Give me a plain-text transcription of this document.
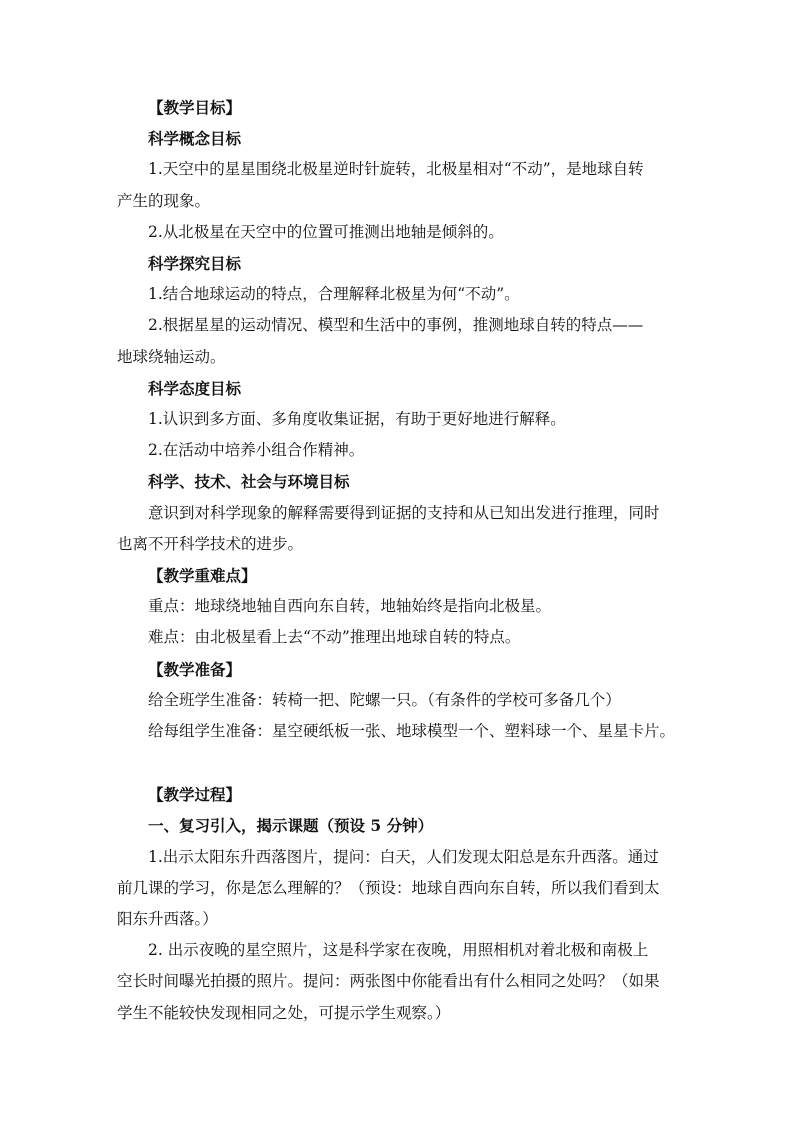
【教学目标】

科学概念目标

1.天空中的星星围绕北极星逆时针旋转，北极星相对“不动”，是地球自转

产生的现象。

2.从北极星在天空中的位置可推测出地轴是倾斜的。

科学探究目标

1.结合地球运动的特点，合理解释北极星为何“不动”。

2.根据星星的运动情况、模型和生活中的事例，推测地球自转的特点——

地球绕轴运动。

科学态度目标

1.认识到多方面、多角度收集证据，有助于更好地进行解释。

2.在活动中培养小组合作精神。

科学、技术、社会与环境目标

意识到对科学现象的解释需要得到证据的支持和从已知出发进行推理，同时

也离不开科学技术的进步。

【教学重难点】

重点：地球绕地轴自西向东自转，地轴始终是指向北极星。

难点：由北极星看上去“不动”推理出地球自转的特点。

【教学准备】

给全班学生准备：转椅一把、陀螺一只。（有条件的学校可多备几个）

给每组学生准备：星空硬纸板一张、地球模型一个、塑料球一个、星星卡片。

【教学过程】

一、复习引入，揭示课题（预设 5 分钟）

1.出示太阳东升西落图片，提问：白天，人们发现太阳总是东升西落。通过

前几课的学习，你是怎么理解的？（预设：地球自西向东自转，所以我们看到太

阳东升西落。）

2. 出示夜晚的星空照片，这是科学家在夜晚，用照相机对着北极和南极上

空长时间曝光拍摄的照片。提问：两张图中你能看出有什么相同之处吗？（如果

学生不能较快发现相同之处，可提示学生观察。）
